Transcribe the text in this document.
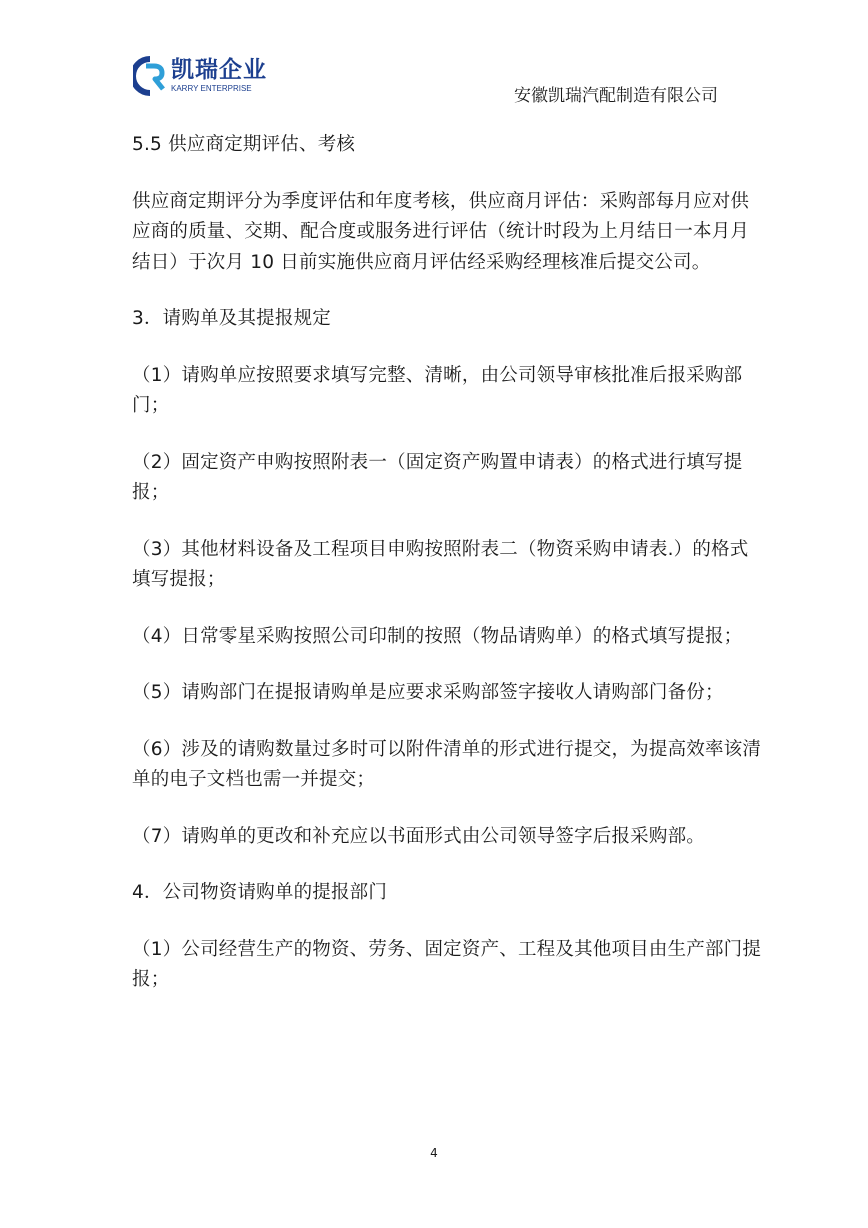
凯瑞企业
KARRY ENTERPRISE	安徽凯瑞汽配制造有限公司

5.5 供应商定期评估、考核

供应商定期评分为季度评估和年度考核，供应商月评估：采购部每月应对供应商的质量、交期、配合度或服务进行评估（统计时段为上月结日一本月月结日）于次月 10 日前实施供应商月评估经采购经理核准后提交公司。

3．请购单及其提报规定

（1）请购单应按照要求填写完整、清晰，由公司领导审核批准后报采购部门；

（2）固定资产申购按照附表一（固定资产购置申请表）的格式进行填写提报；

（3）其他材料设备及工程项目申购按照附表二（物资采购申请表.）的格式填写提报；

（4）日常零星采购按照公司印制的按照（物品请购单）的格式填写提报；

（5）请购部门在提报请购单是应要求采购部签字接收人请购部门备份；

（6）涉及的请购数量过多时可以附件清单的形式进行提交，为提高效率该清单的电子文档也需一并提交；

（7）请购单的更改和补充应以书面形式由公司领导签字后报采购部。

4．公司物资请购单的提报部门

（1）公司经营生产的物资、劳务、固定资产、工程及其他项目由生产部门提报；

4
